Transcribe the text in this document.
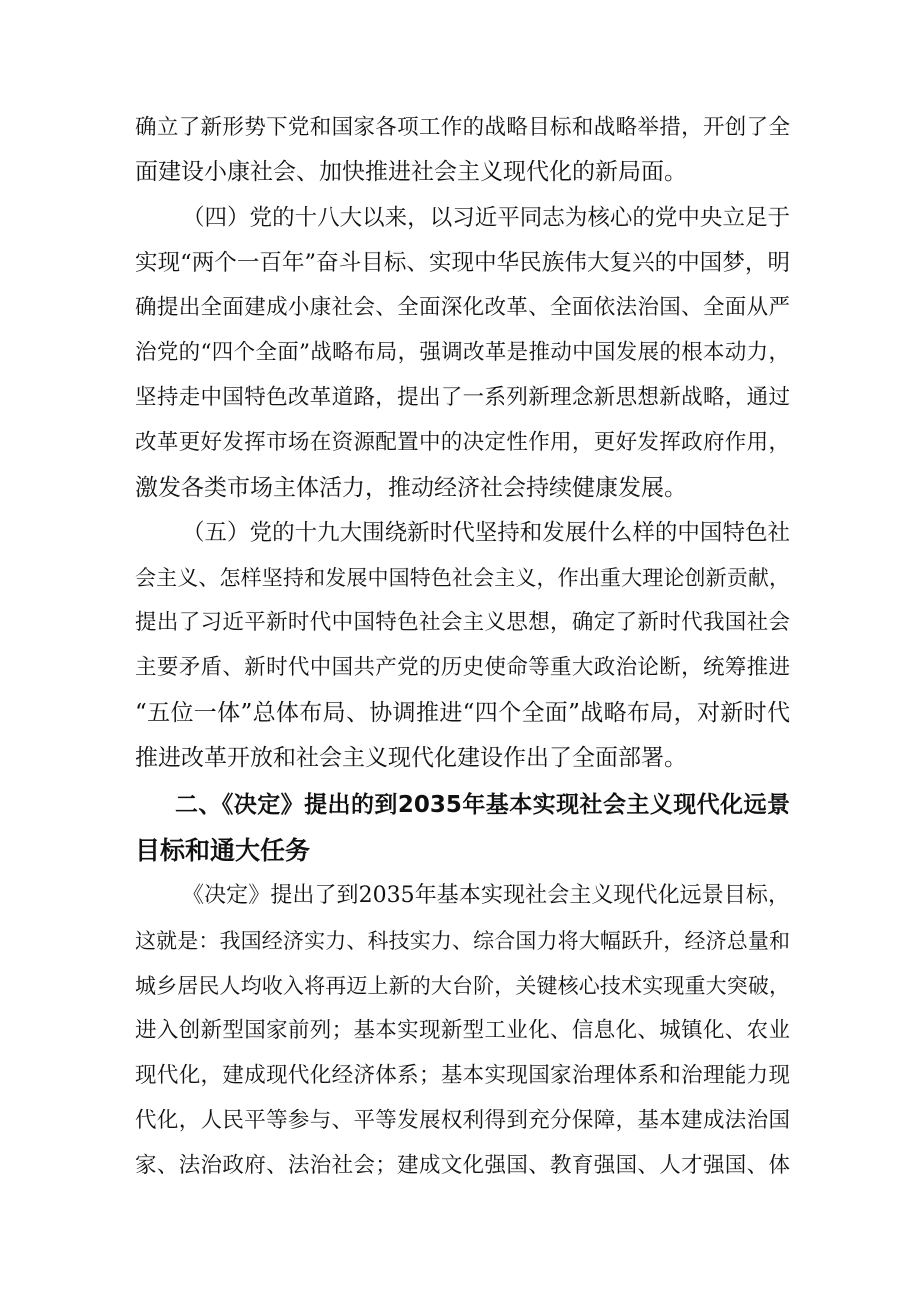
确立了新形势下党和国家各项工作的战略目标和战略举措，开创了全
面建设小康社会、加快推进社会主义现代化的新局面。
（四）党的十八大以来，以习近平同志为核心的党中央立足于
实现“两个一百年”奋斗目标、实现中华民族伟大复兴的中国梦，明
确提出全面建成小康社会、全面深化改革、全面依法治国、全面从严
治党的“四个全面”战略布局，强调改革是推动中国发展的根本动力，
坚持走中国特色改革道路，提出了一系列新理念新思想新战略，通过
改革更好发挥市场在资源配置中的决定性作用，更好发挥政府作用，
激发各类市场主体活力，推动经济社会持续健康发展。
（五）党的十九大围绕新时代坚持和发展什么样的中国特色社
会主义、怎样坚持和发展中国特色社会主义，作出重大理论创新贡献，
提出了习近平新时代中国特色社会主义思想，确定了新时代我国社会
主要矛盾、新时代中国共产党的历史使命等重大政治论断，统筹推进
“五位一体”总体布局、协调推进“四个全面”战略布局，对新时代
推进改革开放和社会主义现代化建设作出了全面部署。
二、《决定》提出的到2035年基本实现社会主义现代化远景
目标和通大任务
《决定》提出了到2035年基本实现社会主义现代化远景目标，
这就是：我国经济实力、科技实力、综合国力将大幅跃升，经济总量和
城乡居民人均收入将再迈上新的大台阶，关键核心技术实现重大突破，
进入创新型国家前列；基本实现新型工业化、信息化、城镇化、农业
现代化，建成现代化经济体系；基本实现国家治理体系和治理能力现
代化，人民平等参与、平等发展权利得到充分保障，基本建成法治国
家、法治政府、法治社会；建成文化强国、教育强国、人才强国、体
